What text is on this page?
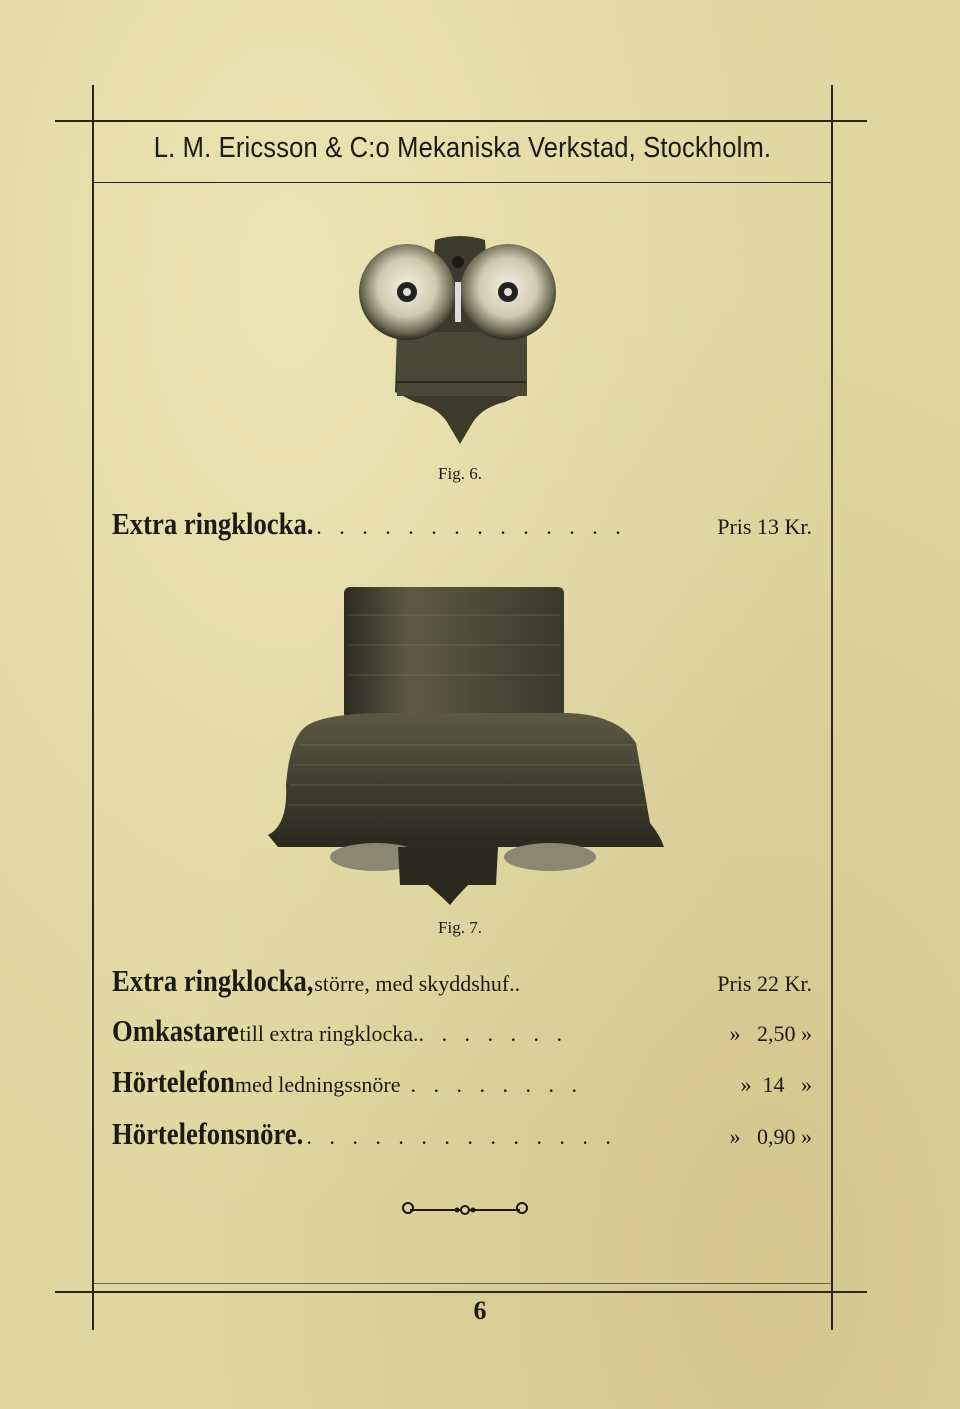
L. M. Ericsson & C:o Mekaniska Verkstad, Stockholm.
Fig. 6.
Extra ringklocka. . . . . . . . . . . . . . .	Pris 13 Kr.
Fig. 7.
Extra ringklocka, större, med skyddshuf. .	Pris 22 Kr.
Omkastare till extra ringklocka. . . . . . . .	»   2,50 »
Hörtelefon med ledningssnöre . . . . . . . .	»  14   »
Hörtelefonsnöre. . . . . . . . . . . . . . .	»   0,90 »
6
